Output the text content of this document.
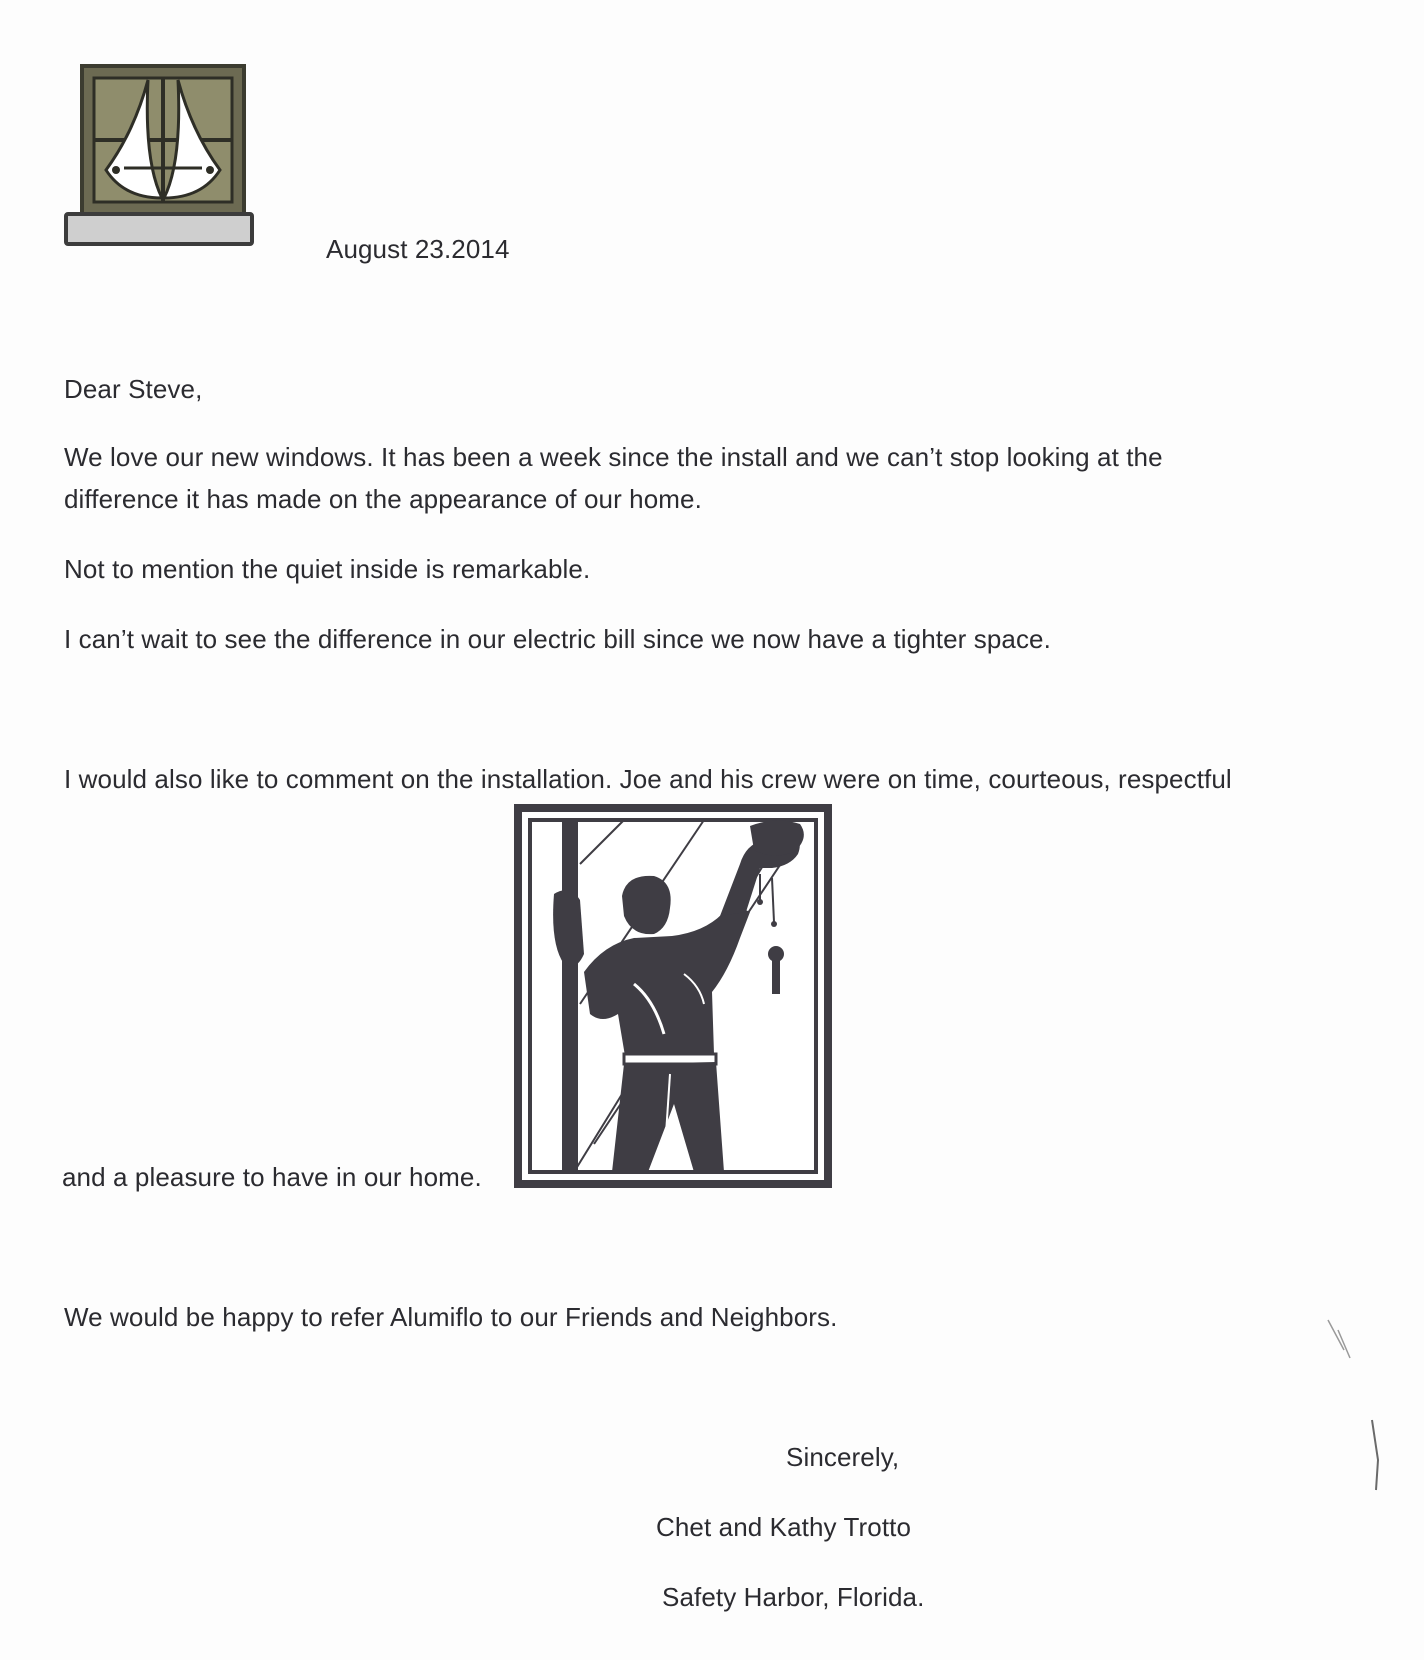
August 23.2014
Dear Steve,
We love our new windows. It has been a week since the install and we can’t stop looking at the
difference it has made on the appearance of our home.
Not to mention the quiet inside is remarkable.
I can’t wait to see the difference in our electric bill since we now have a tighter space.
I would also like to comment on the installation. Joe and his crew were on time, courteous, respectful
and a pleasure to have in our home.
We would be happy to refer Alumiflo to our Friends and Neighbors.
Sincerely,
Chet and Kathy Trotto
Safety Harbor, Florida.
